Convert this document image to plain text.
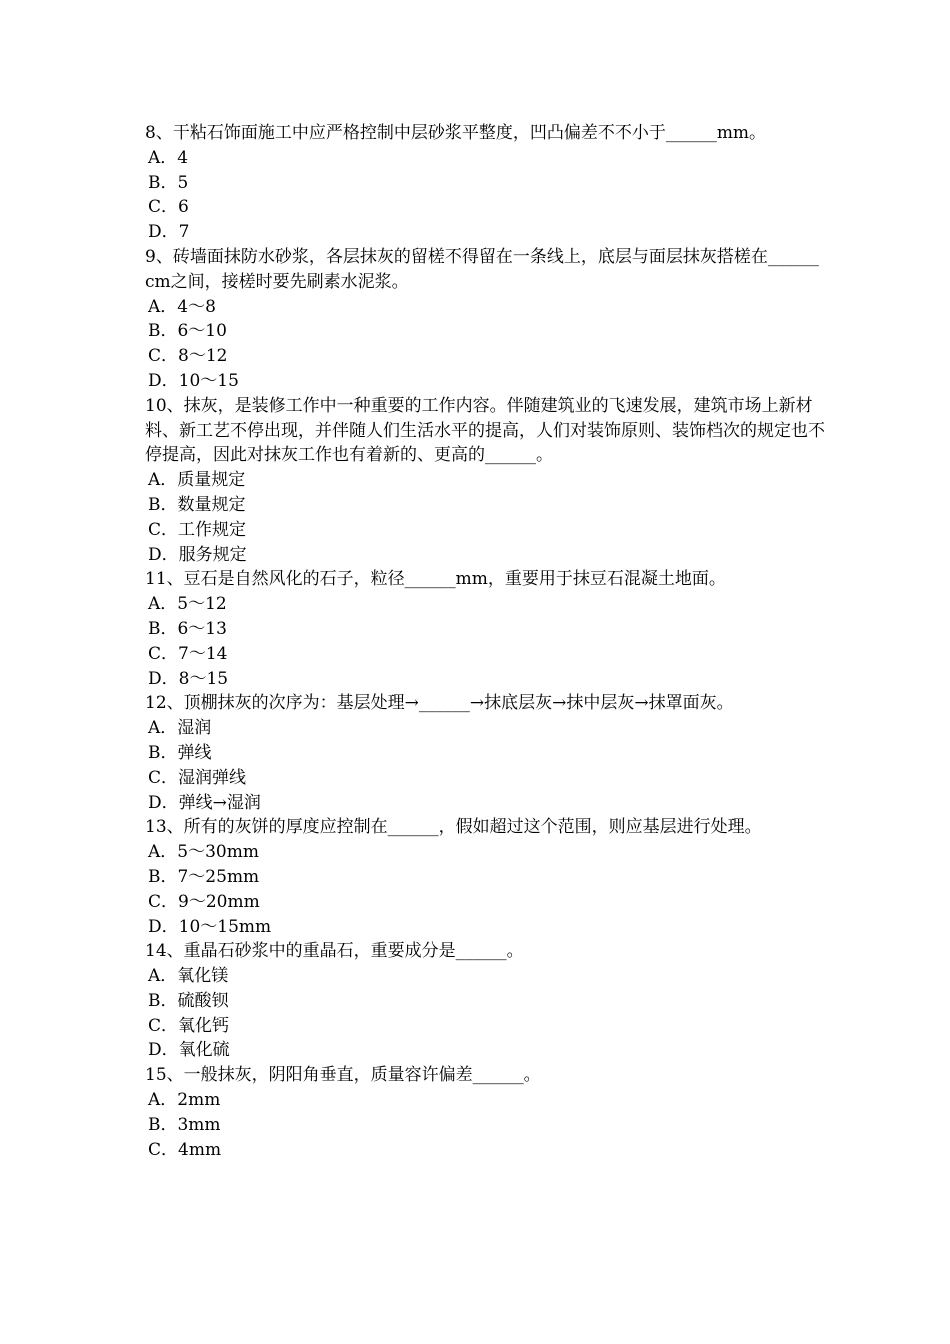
8、干粘石饰面施工中应严格控制中层砂浆平整度，凹凸偏差不不小于______mm。

A．4

B．5

C．6

D．7

9、砖墙面抹防水砂浆，各层抹灰的留槎不得留在一条线上，底层与面层抹灰搭槎在______cm之间，接槎时要先刷素水泥浆。

A．4～8

B．6～10

C．8～12

D．10～15

10、抹灰，是装修工作中一种重要的工作内容。伴随建筑业的飞速发展，建筑市场上新材料、新工艺不停出现，并伴随人们生活水平的提高，人们对装饰原则、装饰档次的规定也不停提高，因此对抹灰工作也有着新的、更高的______。

A．质量规定

B．数量规定

C．工作规定

D．服务规定

11、豆石是自然风化的石子，粒径______mm，重要用于抹豆石混凝土地面。

A．5～12

B．6～13

C．7～14

D．8～15

12、顶棚抹灰的次序为：基层处理→______→抹底层灰→抹中层灰→抹罩面灰。

A．湿润

B．弹线

C．湿润弹线

D．弹线→湿润

13、所有的灰饼的厚度应控制在______，假如超过这个范围，则应基层进行处理。

A．5～30mm

B．7～25mm

C．9～20mm

D．10～15mm

14、重晶石砂浆中的重晶石，重要成分是______。

A．氧化镁

B．硫酸钡

C．氧化钙

D．氧化硫

15、一般抹灰，阴阳角垂直，质量容许偏差______。

A．2mm

B．3mm

C．4mm
